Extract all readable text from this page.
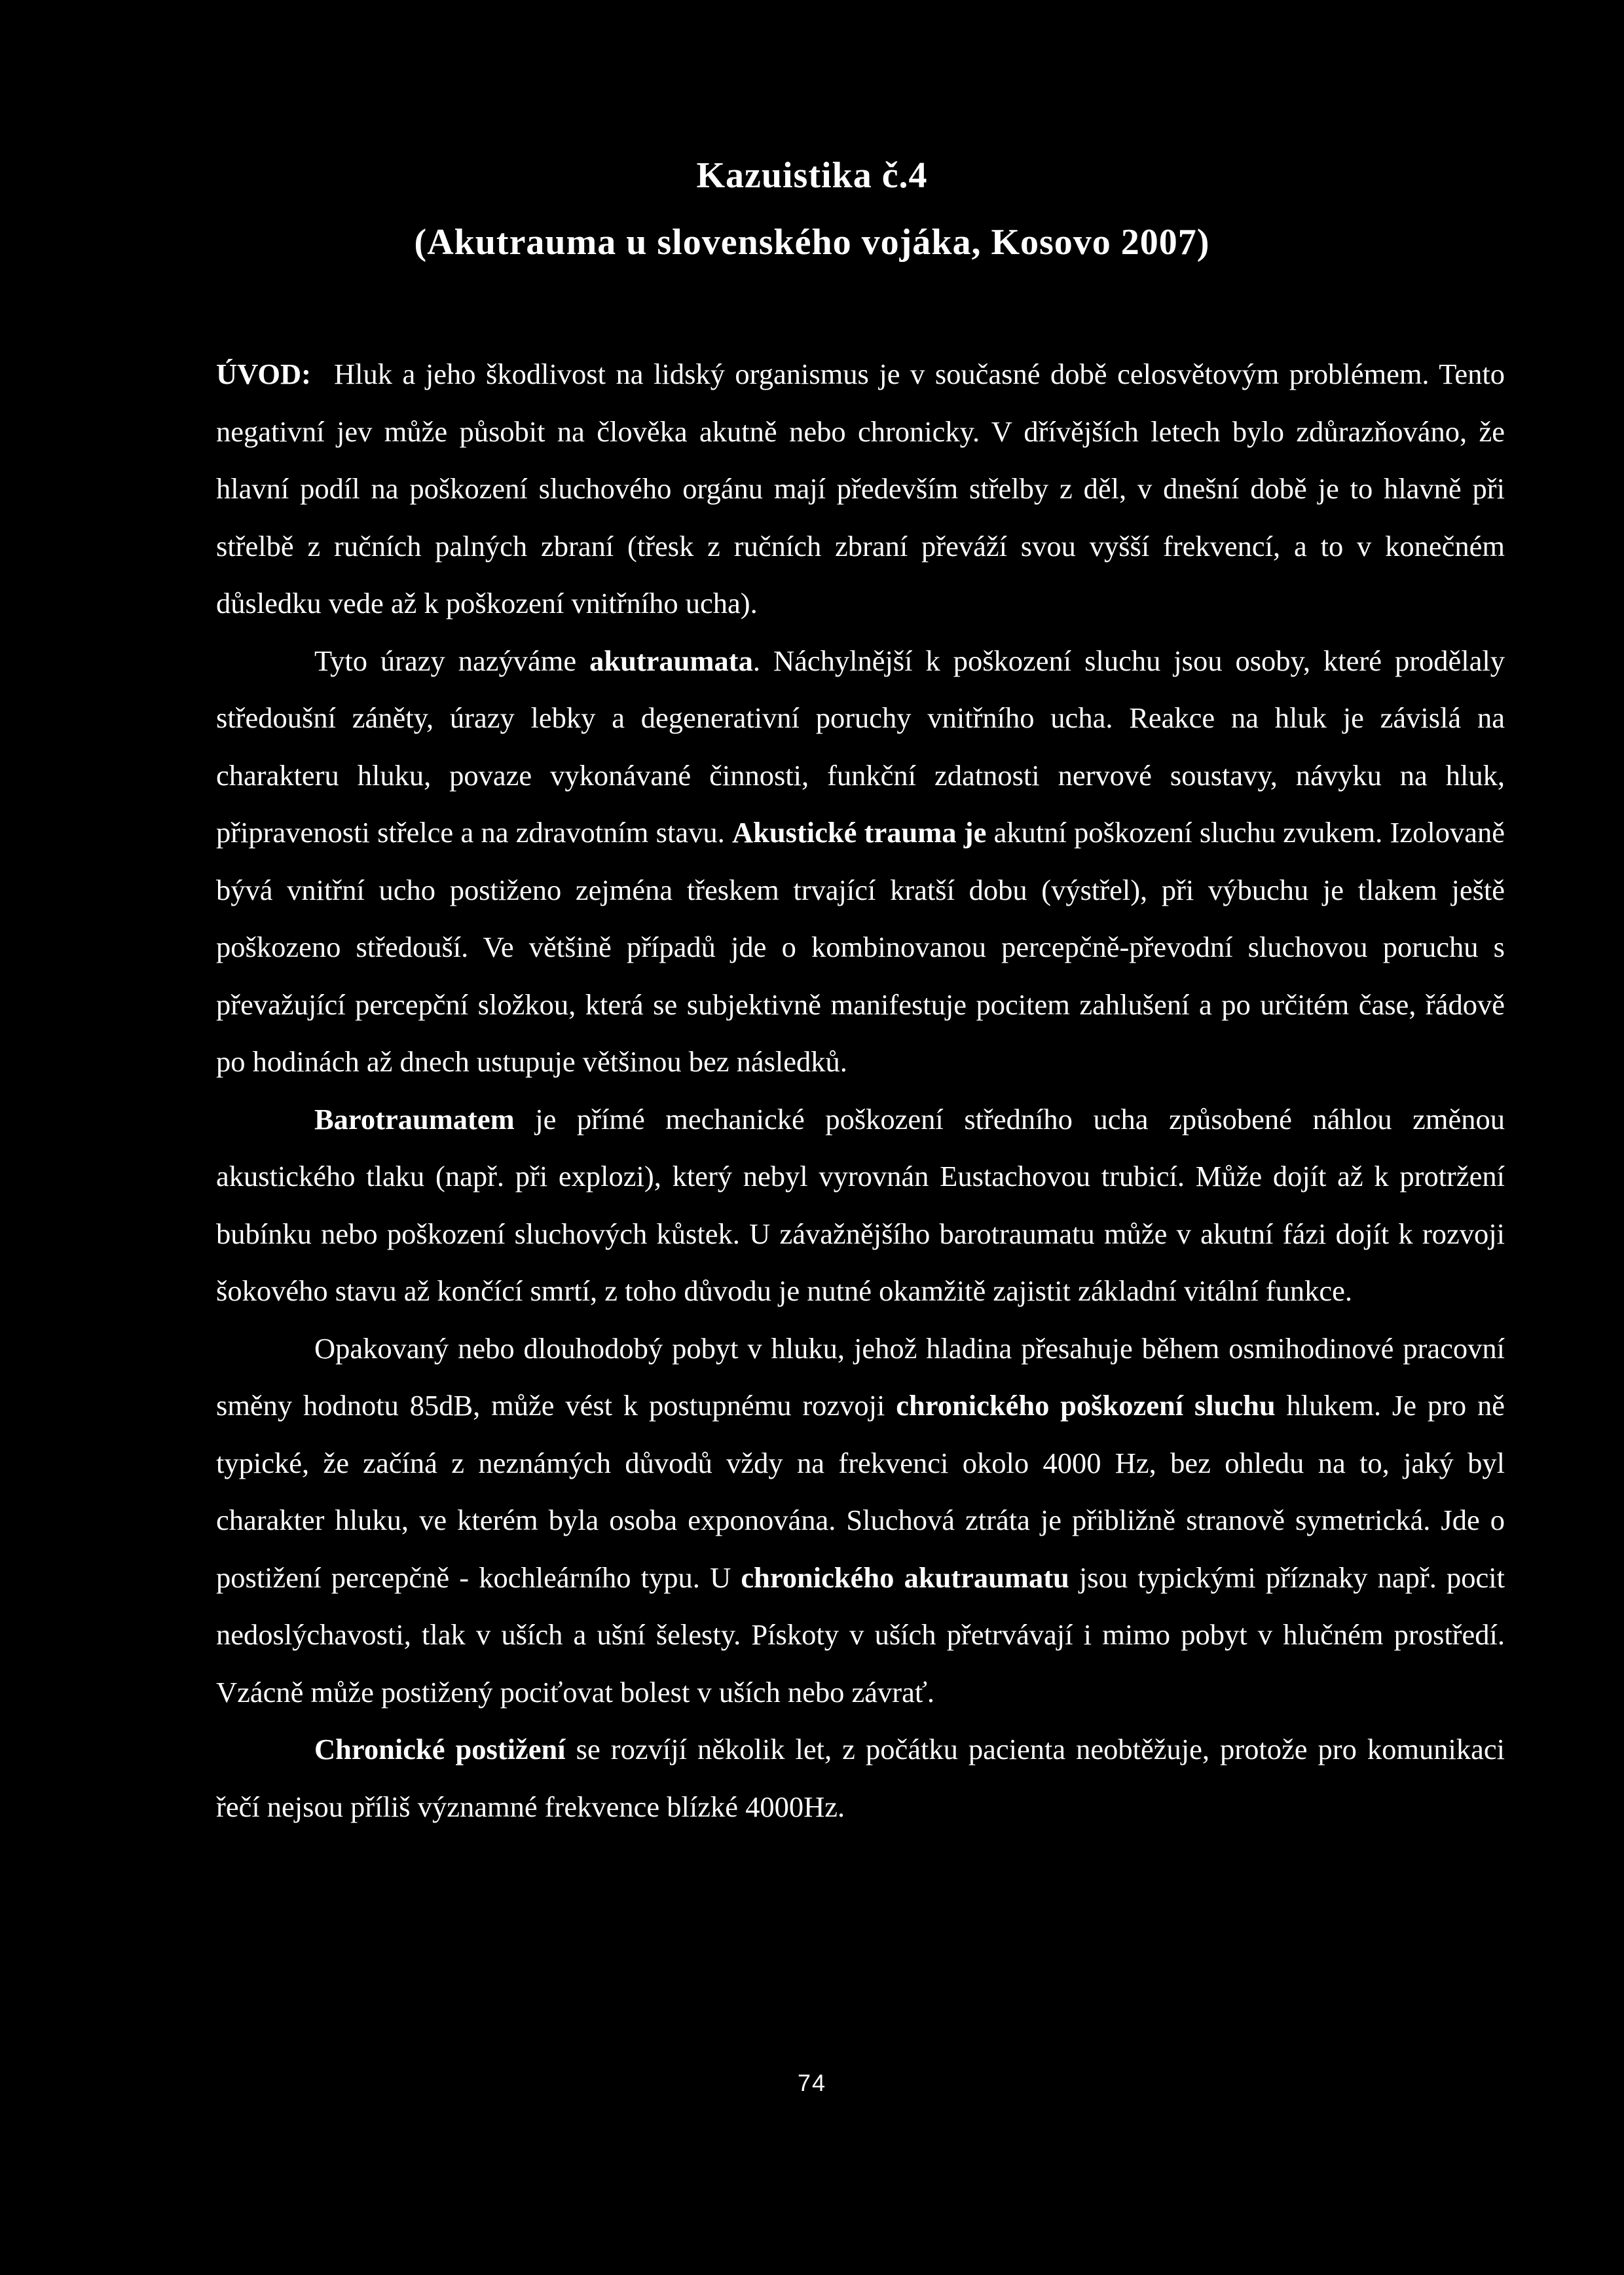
Kazuistika č.4
(Akutrauma u slovenského vojáka, Kosovo 2007)

ÚVOD: Hluk a jeho škodlivost na lidský organismus je v současné době celosvětovým problémem. Tento negativní jev může působit na člověka akutně nebo chronicky. V dřívějších letech bylo zdůrazňováno, že hlavní podíl na poškození sluchového orgánu mají především střelby z děl, v dnešní době je to hlavně při střelbě z ručních palných zbraní (třesk z ručních zbraní převáží svou vyšší frekvencí, a to v konečném důsledku vede až k poškození vnitřního ucha).

Tyto úrazy nazýváme akutraumata. Náchylnější k poškození sluchu jsou osoby, které prodělaly středoušní záněty, úrazy lebky a degenerativní poruchy vnitřního ucha. Reakce na hluk je závislá na charakteru hluku, povaze vykonávané činnosti, funkční zdatnosti nervové soustavy, návyku na hluk, připravenosti střelce a na zdravotním stavu. Akustické trauma je akutní poškození sluchu zvukem. Izolovaně bývá vnitřní ucho postiženo zejména třeskem trvající kratší dobu (výstřel), při výbuchu je tlakem ještě poškozeno středouší. Ve většině případů jde o kombinovanou percepčně-převodní sluchovou poruchu s převažující percepční složkou, která se subjektivně manifestuje pocitem zahlušení a po určitém čase, řádově po hodinách až dnech ustupuje většinou bez následků.

Barotraumatem je přímé mechanické poškození středního ucha způsobené náhlou změnou akustického tlaku (např. při explozi), který nebyl vyrovnán Eustachovou trubicí. Může dojít až k protržení bubínku nebo poškození sluchových kůstek. U závažnějšího barotraumatu může v akutní fázi dojít k rozvoji šokového stavu až končící smrtí, z toho důvodu je nutné okamžitě zajistit základní vitální funkce.

Opakovaný nebo dlouhodobý pobyt v hluku, jehož hladina přesahuje během osmihodinové pracovní směny hodnotu 85dB, může vést k postupnému rozvoji chronického poškození sluchu hlukem. Je pro ně typické, že začíná z neznámých důvodů vždy na frekvenci okolo 4000 Hz, bez ohledu na to, jaký byl charakter hluku, ve kterém byla osoba exponována. Sluchová ztráta je přibližně stranově symetrická. Jde o postižení percepčně - kochleárního typu. U chronického akutraumatu jsou typickými příznaky např. pocit nedoslýchavosti, tlak v uších a ušní šelesty. Pískoty v uších přetrvávají i mimo pobyt v hlučném prostředí. Vzácně může postižený pociťovat bolest v uších nebo závrať.

Chronické postižení se rozvíjí několik let, z počátku pacienta neobtěžuje, protože pro komunikaci řečí nejsou příliš významné frekvence blízké 4000Hz.

74
